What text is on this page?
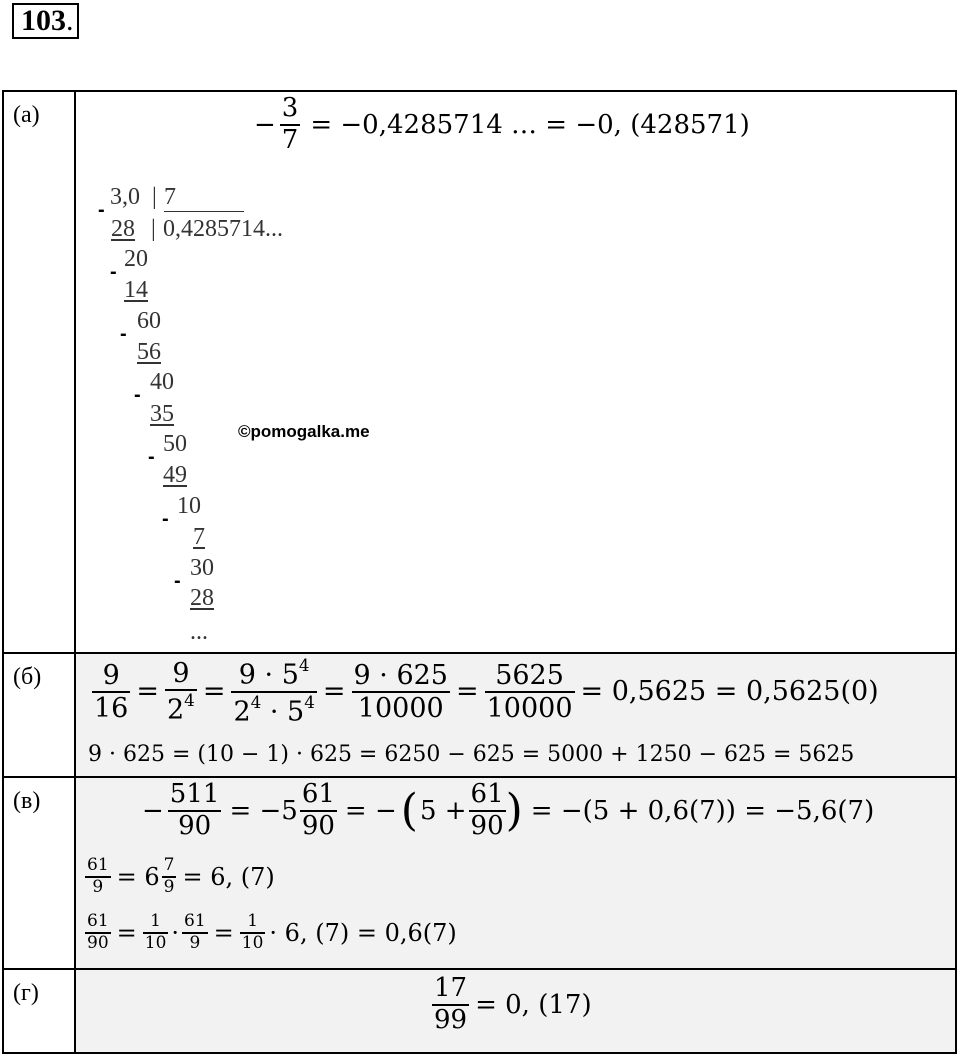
103.
(а)	− $\frac{3}{7} = -0,4285714$ … = −0, (428571)
- 3,0 | 7
28 | 0,4285714...
- 20
14
- 60
56
- 40
35
- 50
49
- 10
7
- 30
28
...
©pomogalka.me
(б)	$\frac{9}{16} = \frac{9}{2^4} = \frac{9 \cdot 5^4}{2^4 \cdot 5^4} = \frac{9 \cdot 625}{10000} = \frac{5625}{10000} = 0,5625 = 0,5625(0)$
9 · 625 = (10 − 1) · 625 = 6250 − 625 = 5000 + 1250 − 625 = 5625
(в)	− $\frac{511}{90} = -5 \frac{61}{90}$ = − ( $5 + \frac{61}{90}$ ) = −(5 + 0,6(7)) = −5,6(7)
$\frac{61}{9} = 6 \frac{7}{9} = 6$, (7)
$\frac{61}{90} = \frac{1}{10} \cdot \frac{61}{9} = \frac{1}{10} \cdot 6$, (7) = 0,6(7)
(г)	$\frac{17}{99} = 0$, (17)
